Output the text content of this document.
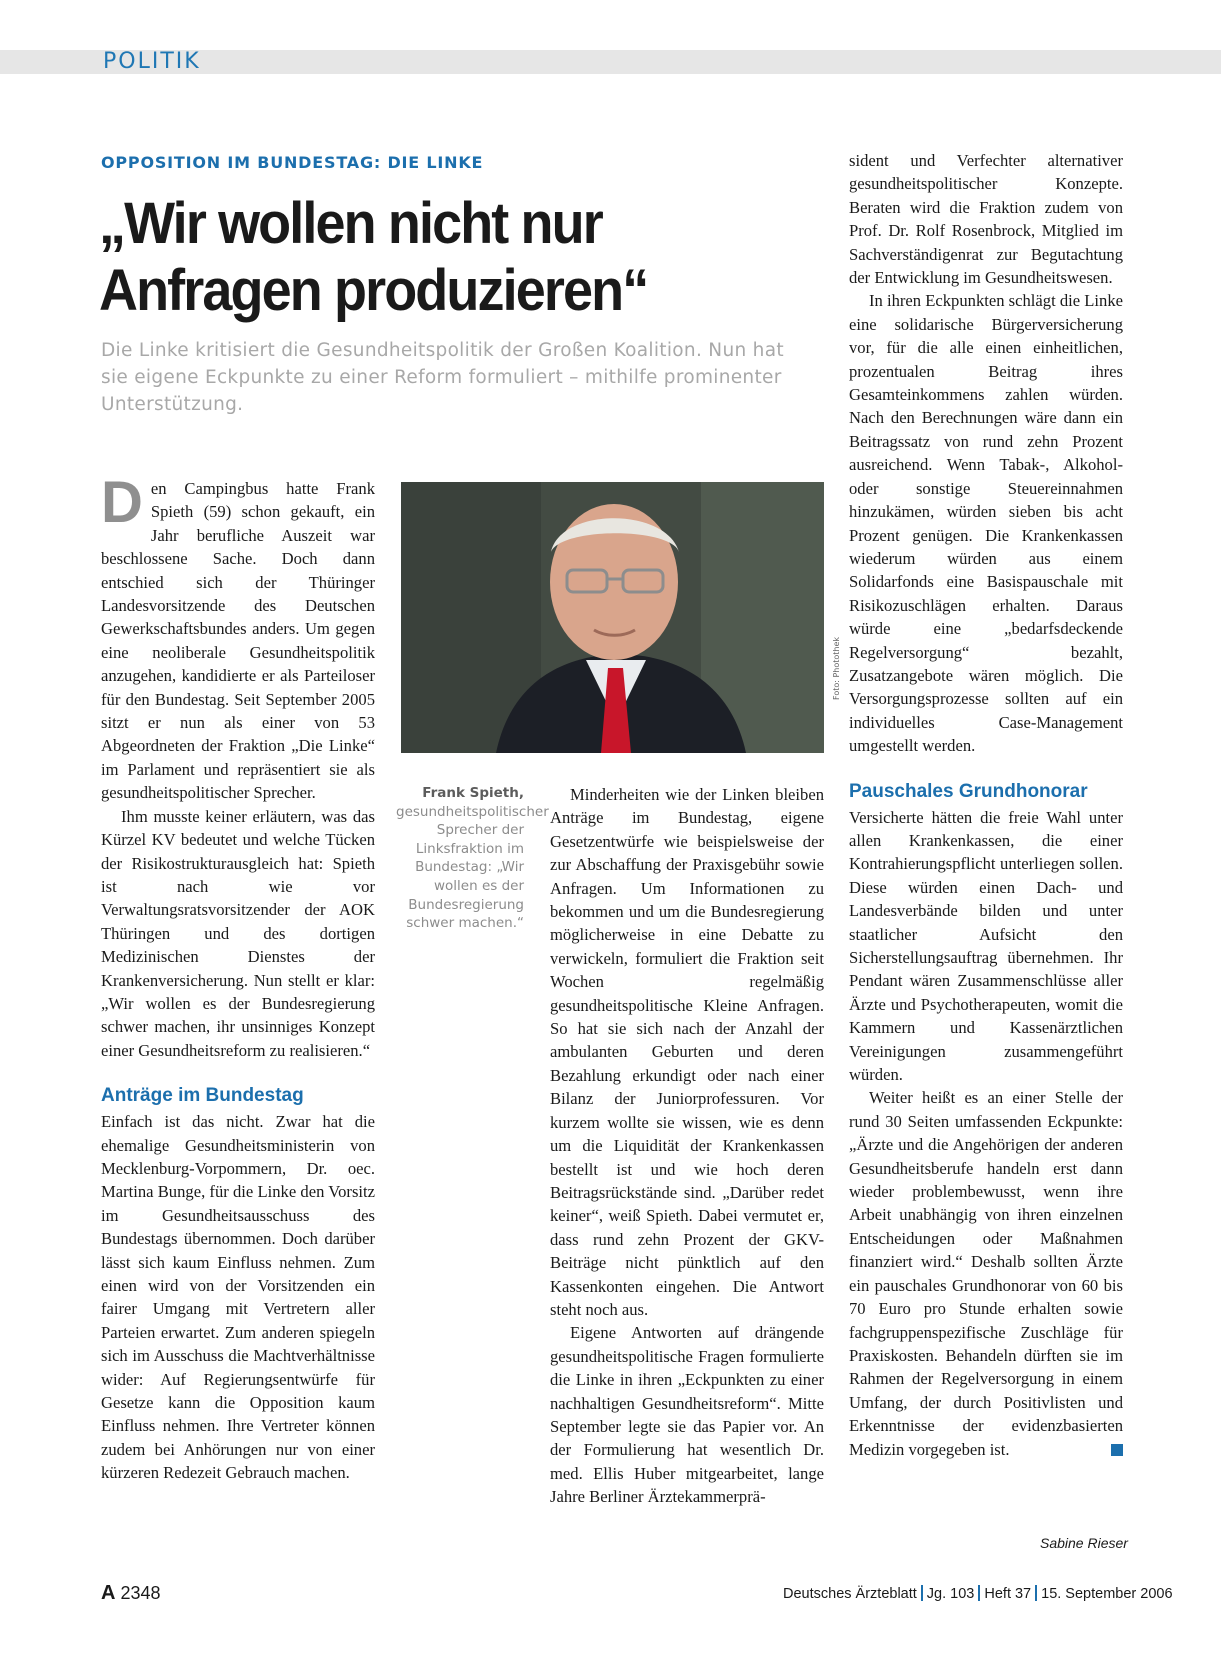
POLITIK
OPPOSITION IM BUNDESTAG: DIE LINKE
„Wir wollen nicht nur Anfragen produzieren“
Die Linke kritisiert die Gesundheitspolitik der Großen Koalition. Nun hat sie eigene Eckpunkte zu einer Reform formuliert – mithilfe prominenter Unterstützung.

Den Campingbus hatte Frank Spieth (59) schon gekauft, ein Jahr berufliche Auszeit war beschlossene Sache. Doch dann entschied sich der Thüringer Landesvorsitzende des Deutschen Gewerkschaftsbundes anders. Um gegen eine neoliberale Gesundheitspolitik anzugehen, kandidierte er als Parteiloser für den Bundestag. Seit September 2005 sitzt er nun als einer von 53 Abgeordneten der Fraktion „Die Linke“ im Parlament und repräsentiert sie als gesundheitspolitischer Sprecher.

Ihm musste keiner erläutern, was das Kürzel KV bedeutet und welche Tücken der Risikostrukturausgleich hat: Spieth ist nach wie vor Verwaltungsratsvorsitzender der AOK Thüringen und des dortigen Medizinischen Dienstes der Krankenversicherung. Nun stellt er klar: „Wir wollen es der Bundesregierung schwer machen, ihr unsinniges Konzept einer Gesundheitsreform zu realisieren.“

Anträge im Bundestag

Einfach ist das nicht. Zwar hat die ehemalige Gesundheitsministerin von Mecklenburg-Vorpommern, Dr. oec. Martina Bunge, für die Linke den Vorsitz im Gesundheitsausschuss des Bundestags übernommen. Doch darüber lässt sich kaum Einfluss nehmen. Zum einen wird von der Vorsitzenden ein fairer Umgang mit Vertretern aller Parteien erwartet. Zum anderen spiegeln sich im Ausschuss die Machtverhältnisse wider: Auf Regierungsentwürfe für Gesetze kann die Opposition kaum Einfluss nehmen. Ihre Vertreter können zudem bei Anhörungen nur von einer kürzeren Redezeit Gebrauch machen.

Foto: Photothek
Frank Spieth, gesundheitspolitischer Sprecher der Linksfraktion im Bundestag: „Wir wollen es der Bundesregierung schwer machen.“

Minderheiten wie der Linken bleiben Anträge im Bundestag, eigene Gesetzentwürfe wie beispielsweise der zur Abschaffung der Praxisgebühr sowie Anfragen. Um Informationen zu bekommen und um die Bundesregierung möglicherweise in eine Debatte zu verwickeln, formuliert die Fraktion seit Wochen regelmäßig gesundheitspolitische Kleine Anfragen. So hat sie sich nach der Anzahl der ambulanten Geburten und deren Bezahlung erkundigt oder nach einer Bilanz der Juniorprofessuren. Vor kurzem wollte sie wissen, wie es denn um die Liquidität der Krankenkassen bestellt ist und wie hoch deren Beitragsrückstände sind. „Darüber redet keiner“, weiß Spieth. Dabei vermutet er, dass rund zehn Prozent der GKV-Beiträge nicht pünktlich auf den Kassenkonten eingehen. Die Antwort steht noch aus.

Eigene Antworten auf drängende gesundheitspolitische Fragen formulierte die Linke in ihren „Eckpunkten zu einer nachhaltigen Gesundheitsreform“. Mitte September legte sie das Papier vor. An der Formulierung hat wesentlich Dr. med. Ellis Huber mitgearbeitet, lange Jahre Berliner Ärztekammerprä-

sident und Verfechter alternativer gesundheitspolitischer Konzepte. Beraten wird die Fraktion zudem von Prof. Dr. Rolf Rosenbrock, Mitglied im Sachverständigenrat zur Begutachtung der Entwicklung im Gesundheitswesen.

In ihren Eckpunkten schlägt die Linke eine solidarische Bürgerversicherung vor, für die alle einen einheitlichen, prozentualen Beitrag ihres Gesamteinkommens zahlen würden. Nach den Berechnungen wäre dann ein Beitragssatz von rund zehn Prozent ausreichend. Wenn Tabak-, Alkohol- oder sonstige Steuereinnahmen hinzukämen, würden sieben bis acht Prozent genügen. Die Krankenkassen wiederum würden aus einem Solidarfonds eine Basispauschale mit Risikozuschlägen erhalten. Daraus würde eine „bedarfsdeckende Regelversorgung“ bezahlt, Zusatzangebote wären möglich. Die Versorgungsprozesse sollten auf ein individuelles Case-Management umgestellt werden.

Pauschales Grundhonorar

Versicherte hätten die freie Wahl unter allen Krankenkassen, die einer Kontrahierungspflicht unterliegen sollen. Diese würden einen Dach- und Landesverbände bilden und unter staatlicher Aufsicht den Sicherstellungsauftrag übernehmen. Ihr Pendant wären Zusammenschlüsse aller Ärzte und Psychotherapeuten, womit die Kammern und Kassenärztlichen Vereinigungen zusammengeführt würden.

Weiter heißt es an einer Stelle der rund 30 Seiten umfassenden Eckpunkte: „Ärzte und die Angehörigen der anderen Gesundheitsberufe handeln erst dann wieder problembewusst, wenn ihre Arbeit unabhängig von ihren einzelnen Entscheidungen oder Maßnahmen finanziert wird.“ Deshalb sollten Ärzte ein pauschales Grundhonorar von 60 bis 70 Euro pro Stunde erhalten sowie fachgruppenspezifische Zuschläge für Praxiskosten. Behandeln dürften sie im Rahmen der Regelversorgung in einem Umfang, der durch Positivlisten und Erkenntnisse der evidenzbasierten Medizin vorgegeben ist.

Sabine Rieser
A 2348	Deutsches Ärzteblatt Jg. 103 Heft 37 15. September 2006
